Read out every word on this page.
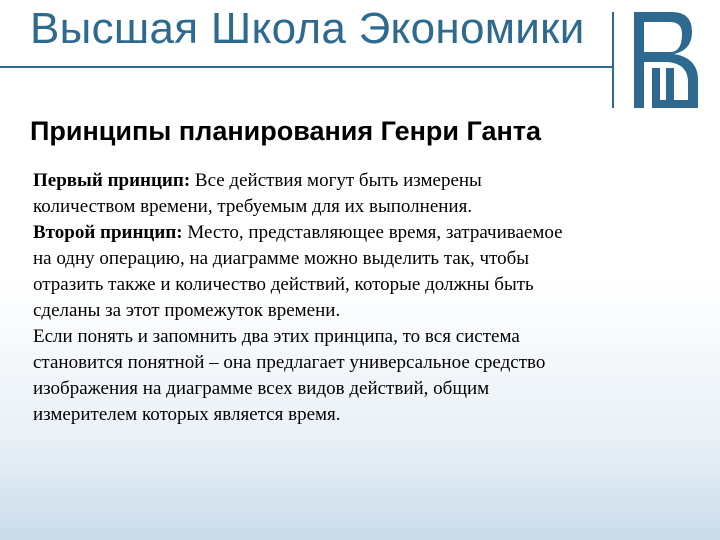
Высшая Школа Экономики
Принципы планирования Генри Ганта

Первый принцип: Все действия могут быть измерены количеством времени, требуемым для их выполнения.

Второй принцип: Место, представляющее время, затрачиваемое на одну операцию, на диаграмме можно выделить так, чтобы отразить также и количество действий, которые должны быть сделаны за этот промежуток времени.

Если понять и запомнить два этих принципа, то вся система становится понятной – она предлагает универсальное средство изображения на диаграмме всех видов действий, общим измерителем которых является время.
